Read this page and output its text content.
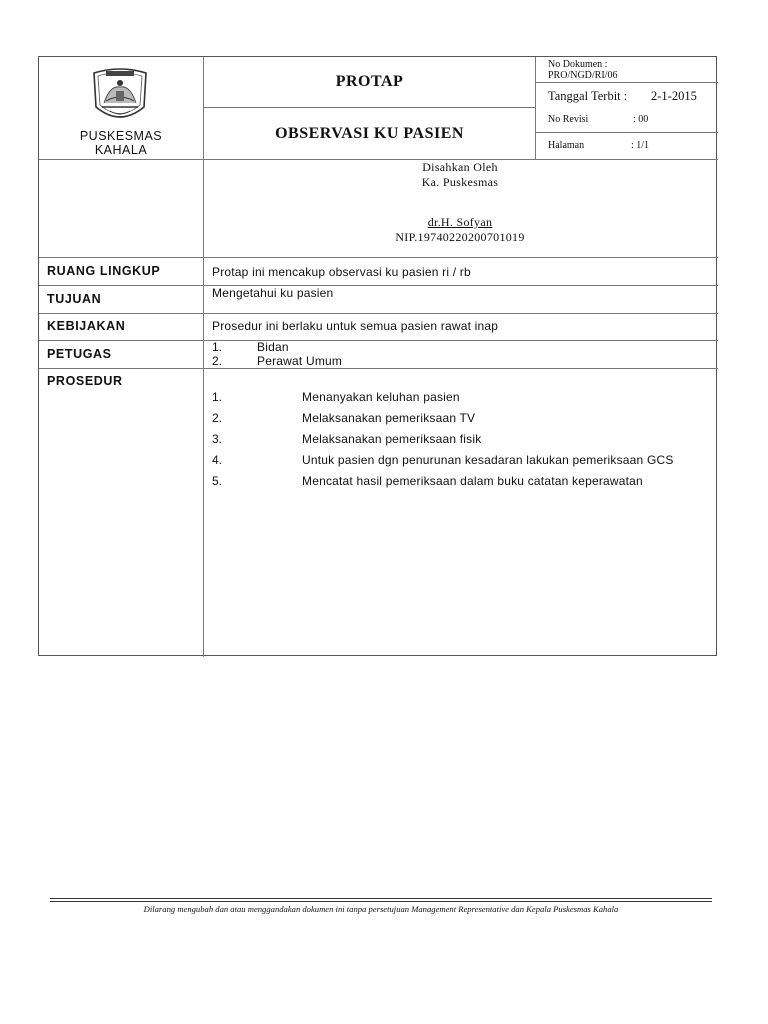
PUSKESMAS
KAHALA
PROTAP
OBSERVASI KU PASIEN
No Dokumen :
PRO/NGD/RI/06
Tanggal Terbit : 2-1-2015
No Revisi	: 00
Halaman	: 1/1
Disahkan Oleh
Ka. Puskesmas
dr.H. Sofyan
NIP.19740220200701019
RUANG LINGKUP	Protap ini mencakup observasi ku pasien ri / rb
TUJUAN	Mengetahui ku pasien
KEBIJAKAN	Prosedur ini berlaku untuk semua pasien rawat inap
PETUGAS	1.	Bidan
2.	Perawat Umum
PROSEDUR
1.	Menanyakan keluhan pasien
2.	Melaksanakan pemeriksaan TV
3.	Melaksanakan pemeriksaan fisik
4.	Untuk pasien dgn penurunan kesadaran lakukan pemeriksaan GCS
5.	Mencatat hasil pemeriksaan dalam buku catatan keperawatan
Dilarang mengubah dan atau menggandakan dokumen ini tanpa persetujuan Management Representative dan Kepala Puskesmas Kahala
